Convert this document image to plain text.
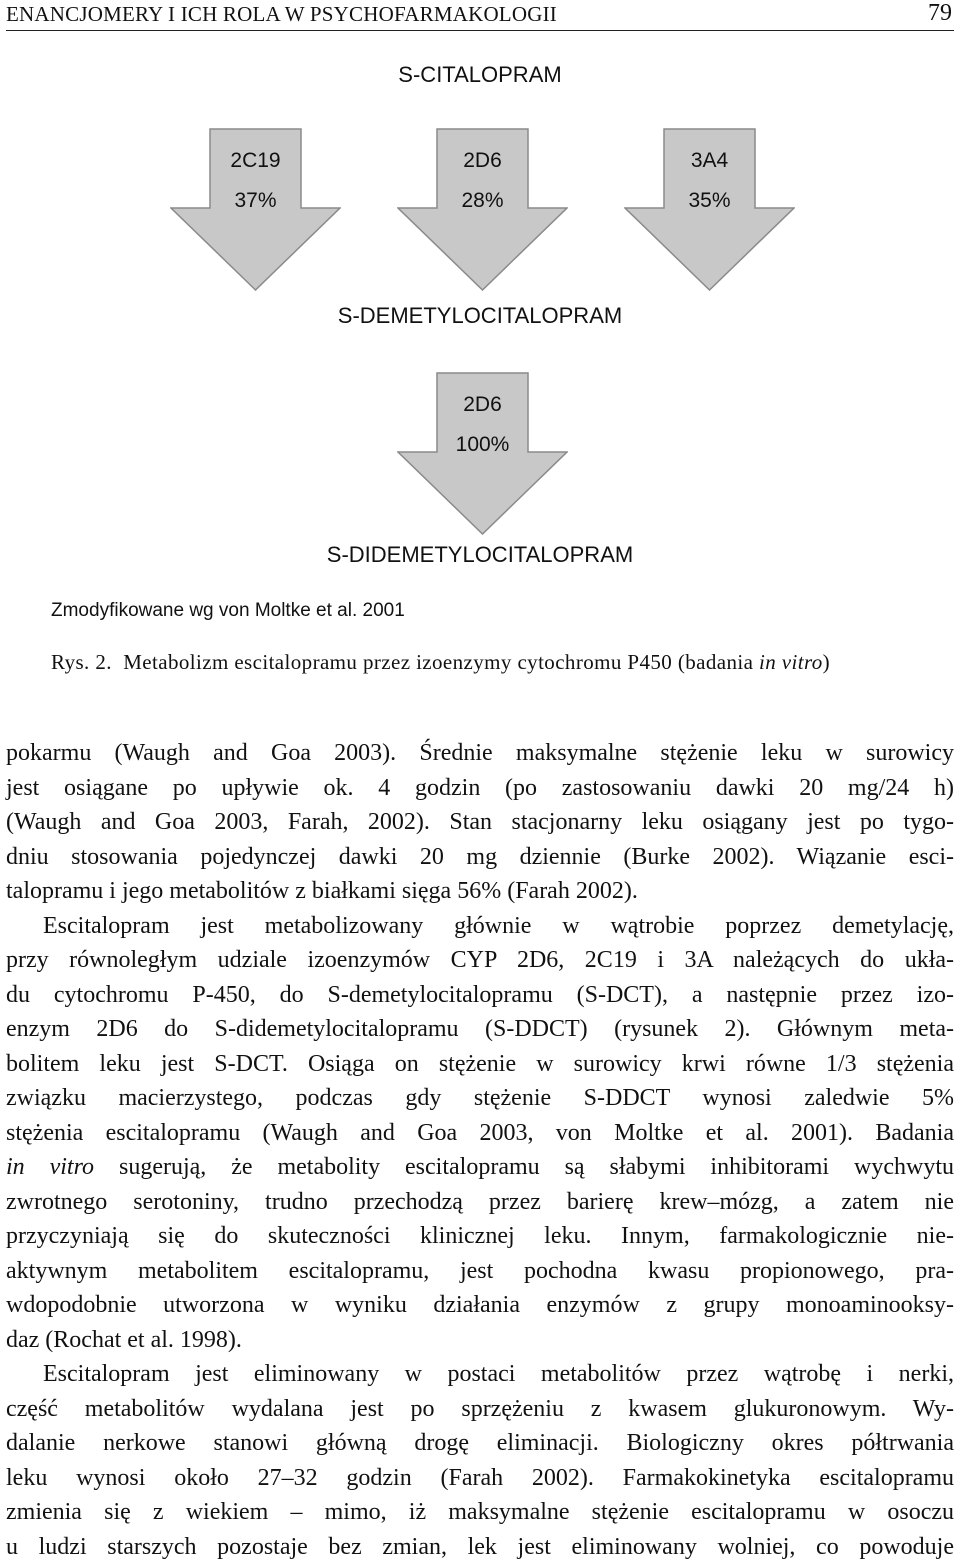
ENANCJOMERY I ICH ROLA W PSYCHOFARMAKOLOGII	79
S-CITALOPRAM
2C19
37%
2D6
28%
3A4
35%
S-DEMETYLOCITALOPRAM
2D6
100%
S-DIDEMETYLOCITALOPRAM
Zmodyfikowane wg von Moltke et al. 2001
Rys. 2. Metabolizm escitalopramu przez izoenzymy cytochromu P450 (badania in vitro)

pokarmu (Waugh and Goa 2003). Średnie maksymalne stężenie leku w surowicy
jest osiągane po upływie ok. 4 godzin (po zastosowaniu dawki 20 mg/24 h)
(Waugh and Goa 2003, Farah, 2002). Stan stacjonarny leku osiągany jest po tygo-
dniu stosowania pojedynczej dawki 20 mg dziennie (Burke 2002). Wiązanie esci-
talopramu i jego metabolitów z białkami sięga 56% (Farah 2002).

Escitalopram jest metabolizowany głównie w wątrobie poprzez demetylację,
przy równoległym udziale izoenzymów CYP 2D6, 2C19 i 3A należących do ukła-
du cytochromu P-450, do S-demetylocitalopramu (S-DCT), a następnie przez izo-
enzym 2D6 do S-didemetylocitalopramu (S-DDCT) (rysunek 2). Głównym meta-
bolitem leku jest S-DCT. Osiąga on stężenie w surowicy krwi równe 1/3 stężenia
związku macierzystego, podczas gdy stężenie S-DDCT wynosi zaledwie 5%
stężenia escitalopramu (Waugh and Goa 2003, von Moltke et al. 2001). Badania
in vitro sugerują, że metabolity escitalopramu są słabymi inhibitorami wychwytu
zwrotnego serotoniny, trudno przechodzą przez barierę krew–mózg, a zatem nie
przyczyniają się do skuteczności klinicznej leku. Innym, farmakologicznie nie-
aktywnym metabolitem escitalopramu, jest pochodna kwasu propionowego, pra-
wdopodobnie utworzona w wyniku działania enzymów z grupy monoaminooksy-
daz (Rochat et al. 1998).

Escitalopram jest eliminowany w postaci metabolitów przez wątrobę i nerki,
część metabolitów wydalana jest po sprzężeniu z kwasem glukuronowym. Wy-
dalanie nerkowe stanowi główną drogę eliminacji. Biologiczny okres półtrwania
leku wynosi około 27–32 godzin (Farah 2002). Farmakokinetyka escitalopramu
zmienia się z wiekiem – mimo, iż maksymalne stężenie escitalopramu w osoczu
u ludzi starszych pozostaje bez zmian, lek jest eliminowany wolniej, co powoduje
